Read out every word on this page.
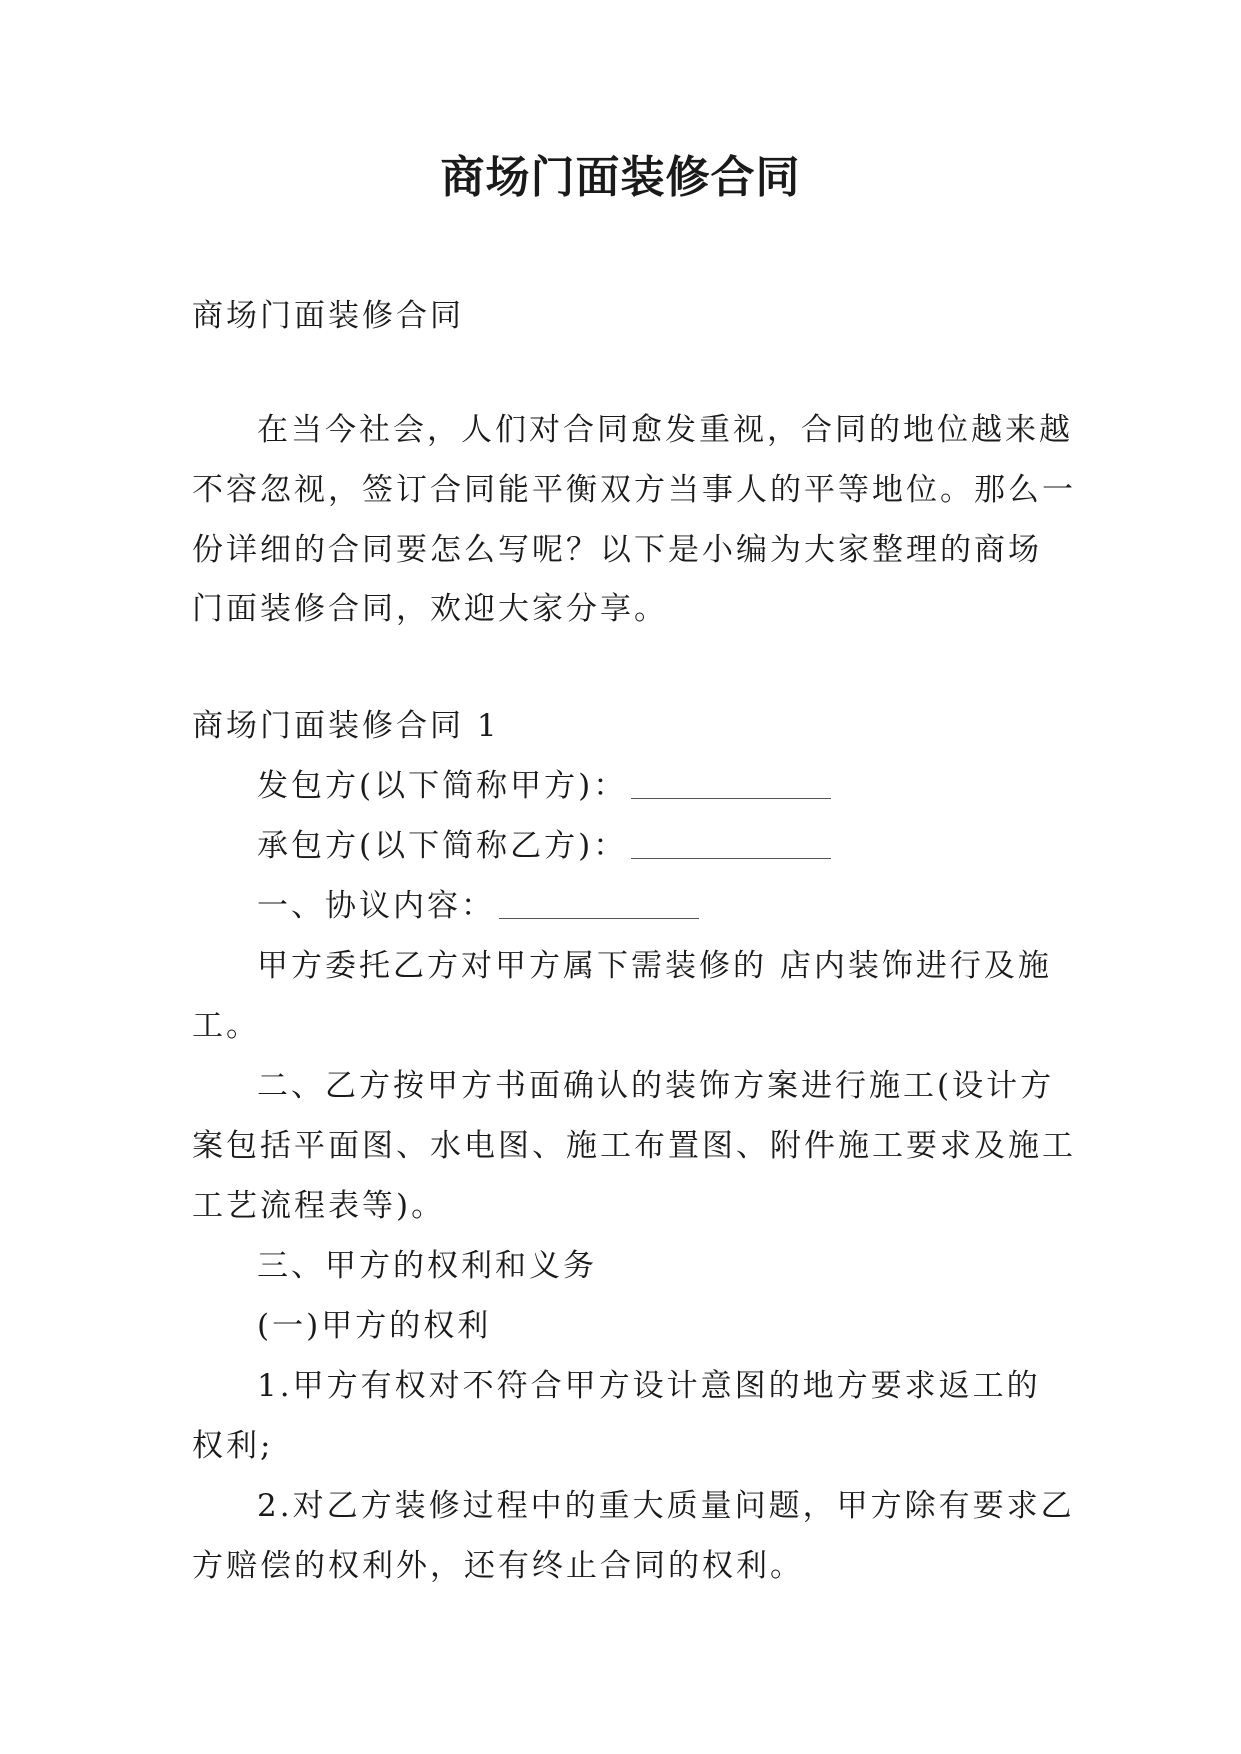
商场门面装修合同
商场门面装修合同
在当今社会，人们对合同愈发重视，合同的地位越来越
不容忽视，签订合同能平衡双方当事人的平等地位。那么一
份详细的合同要怎么写呢？以下是小编为大家整理的商场
门面装修合同，欢迎大家分享。
商场门面装修合同 1
发包方(以下简称甲方)：
承包方(以下简称乙方)：
一、协议内容：
甲方委托乙方对甲方属下需装修的 店内装饰进行及施
工。
二、乙方按甲方书面确认的装饰方案进行施工(设计方
案包括平面图、水电图、施工布置图、附件施工要求及施工
工艺流程表等)。
三、甲方的权利和义务
(一)甲方的权利
1.甲方有权对不符合甲方设计意图的地方要求返工的
权利;
2.对乙方装修过程中的重大质量问题，甲方除有要求乙
方赔偿的权利外，还有终止合同的权利。
